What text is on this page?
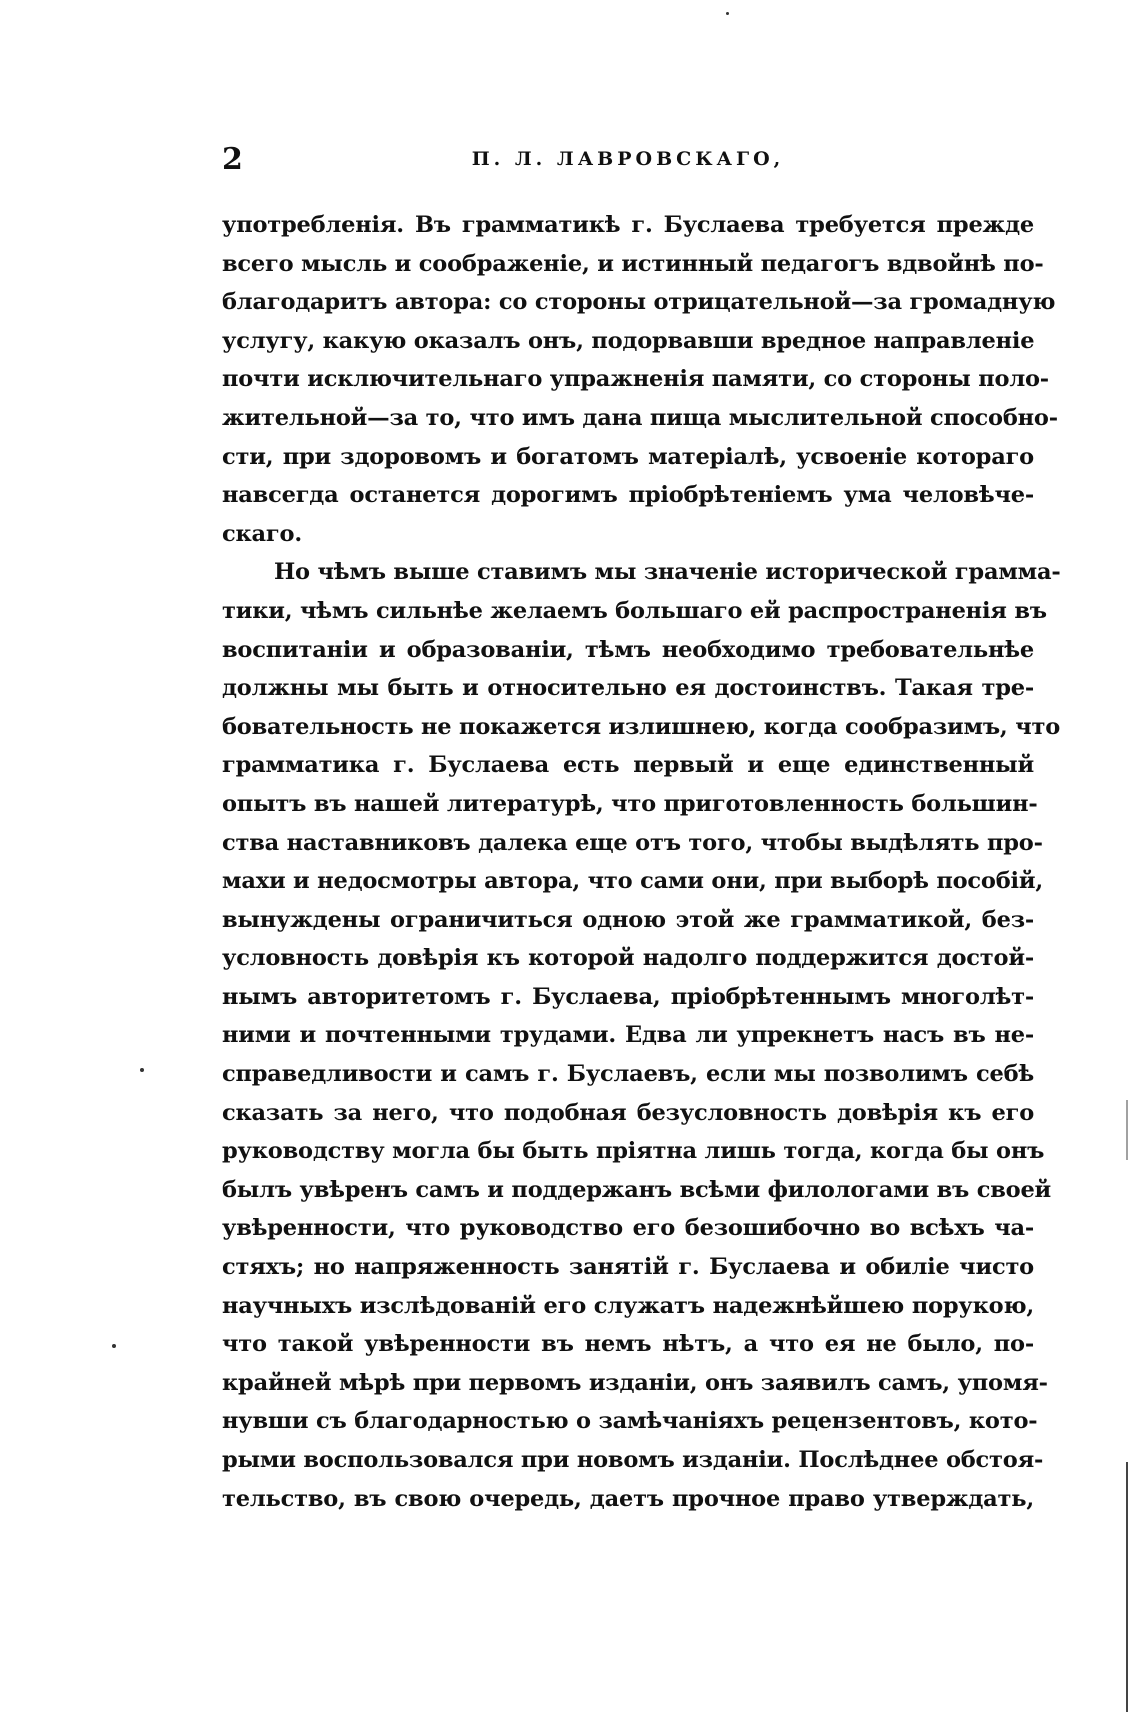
2	П. Л. ЛАВРОВСКАГО,
употребленія. Въ грамматикѣ г. Буслаева требуется прежде
всего мысль и соображеніе, и истинный педагогъ вдвойнѣ по-
благодаритъ автора: со стороны отрицательной—за громадную
услугу, какую оказалъ онъ, подорвавши вредное направленіе
почти исключительнаго упражненія памяти, со стороны поло-
жительной—за то, что имъ дана пища мыслительной способно-
сти, при здоровомъ и богатомъ матеріалѣ, усвоеніе котораго
навсегда останется дорогимъ пріобрѣтеніемъ ума человѣче-
скаго.
Но чѣмъ выше ставимъ мы значеніе исторической грамма-
тики, чѣмъ сильнѣе желаемъ большаго ей распространенія въ
воспитаніи и образованіи, тѣмъ необходимо требовательнѣе
должны мы быть и относительно ея достоинствъ. Такая тре-
бовательность не покажется излишнею, когда сообразимъ, что
грамматика г. Буслаева есть первый и еще единственный
опытъ въ нашей литературѣ, что приготовленность большин-
ства наставниковъ далека еще отъ того, чтобы выдѣлять про-
махи и недосмотры автора, что сами они, при выборѣ пособій,
вынуждены ограничиться одною этой же грамматикой, без-
условность довѣрія къ которой надолго поддержится достой-
нымъ авторитетомъ г. Буслаева, пріобрѣтеннымъ многолѣт-
ними и почтенными трудами. Едва ли упрекнетъ насъ въ не-
справедливости и самъ г. Буслаевъ, если мы позволимъ себѣ
сказать за него, что подобная безусловность довѣрія къ его
руководству могла бы быть пріятна лишь тогда, когда бы онъ
былъ увѣренъ самъ и поддержанъ всѣми филологами въ своей
увѣренности, что руководство его безошибочно во всѣхъ ча-
стяхъ; но напряженность занятій г. Буслаева и обиліе чисто
научныхъ изслѣдованій его служатъ надежнѣйшею порукою,
что такой увѣренности въ немъ нѣтъ, а что ея не было, по-
крайней мѣрѣ при первомъ изданіи, онъ заявилъ самъ, упомя-
нувши съ благодарностью о замѣчаніяхъ рецензентовъ, кото-
рыми воспользовался при новомъ изданіи. Послѣднее обстоя-
тельство, въ свою очередь, даетъ прочное право утверждать,
